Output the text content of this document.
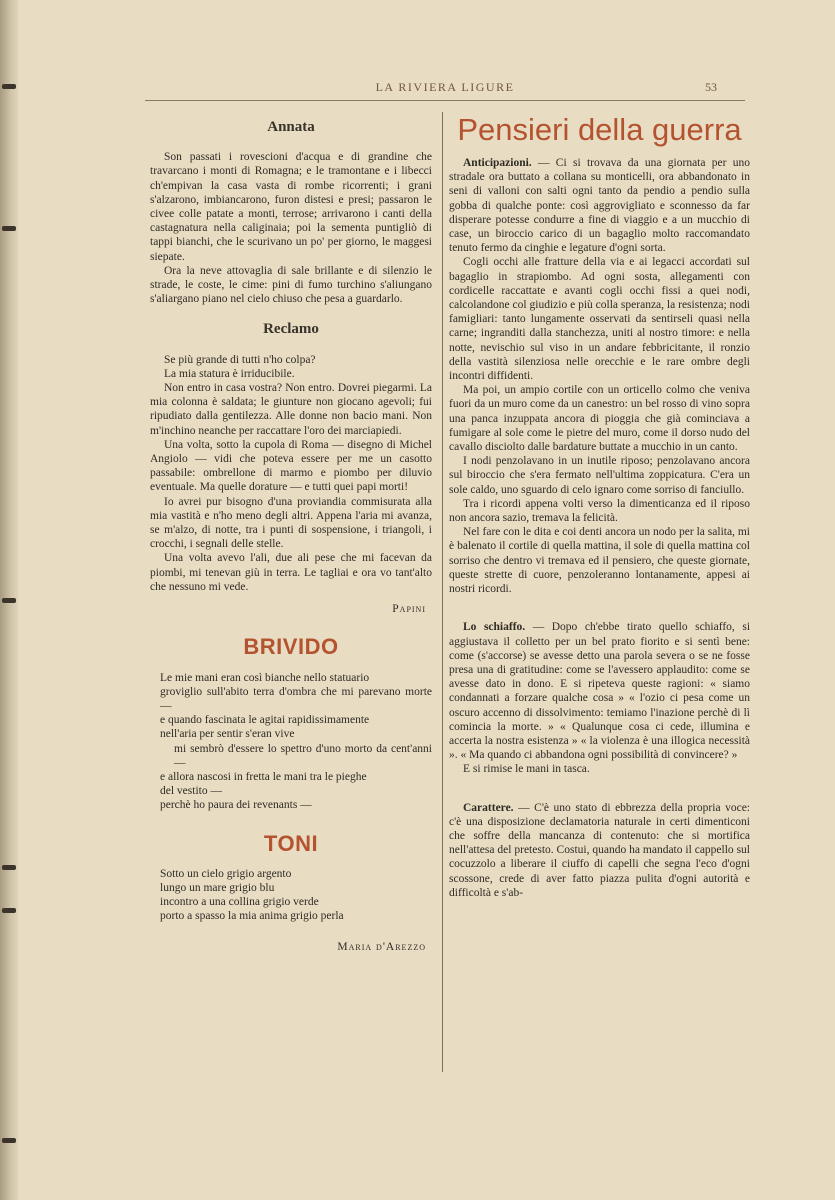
LA RIVIERA LIGURE	53
Annata

Son passati i rovescioni d'acqua e di grandine che travarcano i monti di Romagna; e le tramontane e i libecci ch'empivan la casa vasta di rombe ricorrenti; i grani s'alzarono, imbiancarono, furon distesi e presi; passaron le civee colle patate a monti, terrose; arrivarono i canti della castagnatura nella caliginaia; poi la sementa puntigliò di tappi bianchi, che le scurivano un po' per giorno, le maggesi siepate.

Ora la neve attovaglia di sale brillante e di silenzio le strade, le coste, le cime: pini di fumo turchino s'aliungano s'aliargano piano nel cielo chiuso che pesa a guardarlo.

Reclamo

Se più grande di tutti n'ho colpa?

La mia statura è irriducibile.

Non entro in casa vostra? Non entro. Dovrei piegarmi. La mia colonna è saldata; le giunture non giocano agevoli; fui ripudiato dalla gentilezza. Alle donne non bacio mani. Non m'inchino neanche per raccattare l'oro dei marciapiedi.

Una volta, sotto la cupola di Roma — disegno di Michel Angiolo — vidi che poteva essere per me un casotto passabile: ombrellone di marmo e piombo per diluvio eventuale. Ma quelle dorature — e tutti quei papi morti!

Io avrei pur bisogno d'una proviandia commisurata alla mia vastità e n'ho meno degli altri. Appena l'aria mi avanza, se m'alzo, di notte, tra i punti di sospensione, i triangoli, i crocchi, i segnali delle stelle.

Una volta avevo l'ali, due ali pese che mi facevan da piombi, mi tenevan giù in terra. Le tagliai e ora vo tant'alto che nessuno mi vede.

Papini

BRIVIDO
Le mie mani eran così bianche nello statuario
groviglio sull'abito terra d'ombra che mi parevano morte —
e quando fascinata le agitai rapidissimamente
nell'aria per sentir s'eran vive
mi sembrò d'essere lo spettro d'uno morto da cent'anni —
e allora nascosi in fretta le mani tra le pieghe
del vestito —
perchè ho paura dei revenants —
TONI
Sotto un cielo grigio argento
lungo un mare grigio blu
incontro a una collina grigio verde
porto a spasso la mia anima grigio perla

Maria d'Arezzo

Pensieri della guerra

Anticipazioni. — Ci si trovava da una giornata per uno stradale ora buttato a collana su monticelli, ora abbandonato in seni di valloni con salti ogni tanto da pendio a pendio sulla gobba di qualche ponte: così aggrovigliato e sconnesso da far disperare potesse condurre a fine di viaggio e a un mucchio di case, un biroccio carico di un bagaglio molto raccomandato tenuto fermo da cinghie e legature d'ogni sorta.

Cogli occhi alle fratture della via e ai legacci accordati sul bagaglio in strapiombo. Ad ogni sosta, allegamenti con cordicelle raccattate e avanti cogli occhi fissi a quei nodi, calcolandone col giudizio e più colla speranza, la resistenza; nodi famigliari: tanto lungamente osservati da sentirseli quasi nella carne; ingranditi dalla stanchezza, uniti al nostro timore: e nella notte, nevischio sul viso in un andare febbricitante, il ronzio della vastità silenziosa nelle orecchie e le rare ombre degli incontri diffidenti.

Ma poi, un ampio cortile con un orticello colmo che veniva fuori da un muro come da un canestro: un bel rosso di vino sopra una panca inzuppata ancora di pioggia che già cominciava a fumigare al sole come le pietre del muro, come il dorso nudo del cavallo disciolto dalle bardature buttate a mucchio in un canto.

I nodi penzolavano in un inutile riposo; penzolavano ancora sul biroccio che s'era fermato nell'ultima zoppicatura. C'era un sole caldo, uno sguardo di celo ignaro come sorriso di fanciullo.

Tra i ricordi appena volti verso la dimenticanza ed il riposo non ancora sazio, tremava la felicità.

Nel fare con le dita e coi denti ancora un nodo per la salita, mi è balenato il cortile di quella mattina, il sole di quella mattina col sorriso che dentro vi tremava ed il pensiero, che queste giornate, queste strette di cuore, penzoleranno lontanamente, appesi ai nostri ricordi.

Lo schiaffo. — Dopo ch'ebbe tirato quello schiaffo, si aggiustava il colletto per un bel prato fiorito e si sentì bene: come (s'accorse) se avesse detto una parola severa o se ne fosse presa una di gratitudine: come se l'avessero applaudito: come se avesse dato in dono. E si ripeteva queste ragioni: « siamo condannati a forzare qualche cosa » « l'ozio ci pesa come un oscuro accenno di dissolvimento: temiamo l'inazione perchè di lì comincia la morte. » « Qualunque cosa ci cede, illumina e accerta la nostra esistenza » « la violenza è una illogica necessità ». « Ma quando ci abbandona ogni possibilità di convincere? »

E si rimise le mani in tasca.

Carattere. — C'è uno stato di ebbrezza della propria voce: c'è una disposizione declamatoria naturale in certi dimenticoni che soffre della mancanza di contenuto: che si mortifica nell'attesa del pretesto. Costui, quando ha mandato il cappello sul cocuzzolo a liberare il ciuffo di capelli che segna l'eco d'ogni scossone, crede di aver fatto piazza pulita d'ogni autorità e difficoltà e s'ab-
